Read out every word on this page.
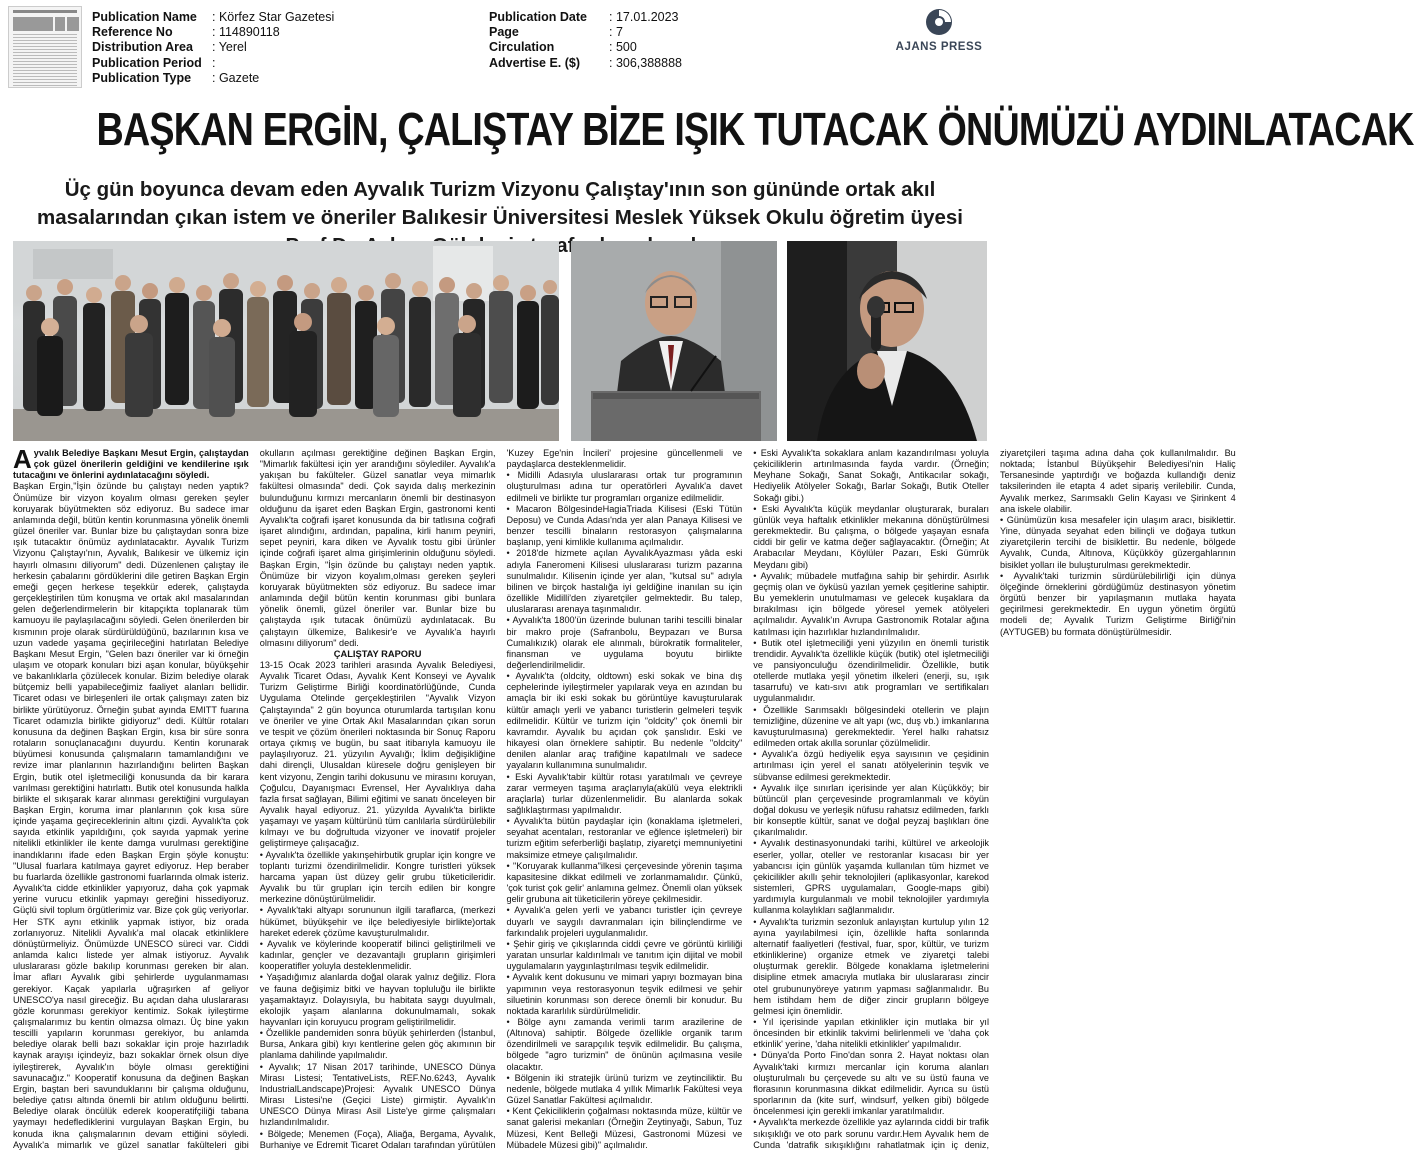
Publication Name	: Körfez Star Gazetesi
Reference No	: 114890118
Distribution Area	: Yerel
Publication Period :
Publication Type	: Gazete
Publication Date	: 17.01.2023
Page	: 7
Circulation	: 500
Advertise E. ($)	: 306,388888
AJANS PRESS
BAŞKAN ERGİN, ÇALIŞTAY BİZE IŞIK TUTACAK ÖNÜMÜZÜ AYDINLATACAK
Üç gün boyunca devam eden Ayvalık Turizm Vizyonu Çalıştay'ının son gününde ortak akıl masalarından çıkan istem ve öneriler Balıkesir Üniversitesi Meslek Yüksek Okulu öğretim üyesi

Ayvalık Belediye Başkanı Mesut Ergin, çalıştaydan çok güzel önerilerin geldiğini ve kendilerine ışık tutacağını ve önlerini aydınlatacağını söyledi.

Başkan Ergin,"İşin özünde bu çalıştayı neden yaptık? Önümüze bir vizyon koyalım olması gereken şeyler koruyarak büyütmekten söz ediyoruz. Bu sadece imar anlamında değil, bütün kentin korunmasına yönelik önemli güzel öneriler var. Bunlar bize bu çalıştaydan sonra bize ışık tutacaktır önümüz aydınlatacaktır. Ayvalık Turizm Vizyonu Çalıştayı'nın, Ayvalık, Balıkesir ve ülkemiz için hayırlı olmasını diliyorum" dedi. Düzenlenen çalıştay ile herkesin çabalarını gördüklerini dile getiren Başkan Ergin emeği geçen herkese teşekkür ederek, çalıştayda gerçekleştirilen tüm konuşma ve ortak akıl masalarından gelen değerlendirmelerin bir kitapçıkta toplanarak tüm kamuoyu ile paylaşılacağını söyledi. Gelen önerilerden bir kısmının proje olarak sürdürüldüğünü, bazılarının kısa ve uzun vadede yaşama geçirileceğini hatırlatan Belediye Başkanı Mesut Ergin, "Gelen bazı öneriler var ki örneğin ulaşım ve otopark konuları bizi aşan konular, büyükşehir ve bakanlıklarla çözülecek konular. Bizim belediye olarak bütçemiz belli yapabileceğimiz faaliyet alanları bellidir. Ticaret odası ve birleşenleri ile ortak çalışmayı zaten biz birlikte yürütüyoruz. Örneğin şubat ayında EMITT fuarına Ticaret odamızla birlikte gidiyoruz" dedi. Kültür rotaları konusuna da değinen Başkan Ergin, kısa bir süre sonra rotaların sonuçlanacağını duyurdu. Kentin korunarak büyümesi konusunda çalışmaların tamamlandığını ve revize imar planlarının hazırlandığını belirten Başkan Ergin, butik otel işletmeciliği konusunda da bir karara varılması gerektiğini hatırlattı. Butik otel konusunda halkla birlikte el sıkışarak karar alınması gerektiğini vurgulayan Başkan Ergin, koruma imar planlarının çok kısa süre içinde yaşama geçireceklerinin altını çizdi. Ayvalık'ta çok sayıda etkinlik yapıldığını, çok sayıda yapmak yerine nitelikli etkinlikler ile kente damga vurulması gerektiğine inandıklarını ifade eden Başkan Ergin şöyle konuştu: "Ulusal fuarlara katılmaya gayret ediyoruz. Hep beraber bu fuarlarda özellikle gastronomi fuarlarında olmak isteriz. Ayvalık'ta cidde etkinlikler yapıyoruz, daha çok yapmak yerine vurucu etkinlik yapmayı gereğini hissediyoruz. Güçlü sivil toplum örgütlerimiz var. Bize çok güç veriyorlar. Her STK aynı etkinlik yapmak istiyor, biz orada zorlanıyoruz. Nitelikli Ayvalık'a mal olacak etkinliklere dönüştürmeliyiz. Önümüzde UNESCO süreci var. Ciddi anlamda kalıcı listede yer almak istiyoruz. Ayvalık uluslararası gözle bakılıp korunması gereken bir alan. İmar afları Ayvalık gibi şehirlerde uygulanmaması gerekiyor. Kaçak yapılarla uğraşırken af geliyor UNESCO'ya nasıl gireceğiz. Bu açıdan daha uluslararası gözle korunması gerekiyor kentimiz. Sokak iyileştirme çalışmalarımız bu kentin olmazsa olmazı. Üç bine yakın tescilli yapıların korunması gerekiyor, bu anlamda belediye olarak belli bazı sokaklar için proje hazırladık kaynak arayışı içindeyiz, bazı sokaklar örnek olsun diye iyileştirerek, Ayvalık'ın böyle olması gerektiğini savunacağız." Kooperatif konusuna da değinen Başkan Ergin, baştan beri savunduklarını bir çalışma olduğunu, belediye çatısı altında önemli bir atılım olduğunu belirtti. Belediye olarak öncülük ederek kooperatifçiliği tabana yaymayı hedeflediklerini vurgulayan Başkan Ergin, bu konuda ikna çalışmalarının devam ettiğini söyledi. Ayvalık'a mimarlık ve güzel sanatlar fakülteleri gibi okulların açılması gerektiğine değinen Başkan Ergin, "Mimarlık fakültesi için yer arandığını söylediler. Ayvalık'a yakışan bu fakülteler. Güzel sanatlar veya mimarlık fakültesi olmasında" dedi. Çok sayıda dalış merkezinin bulunduğunu kırmızı mercanların önemli bir destinasyon olduğunu da işaret eden Başkan Ergin, gastronomi kenti Ayvalık'ta coğrafi işaret konusunda da bir tatlısına coğrafi işaret alındığını, ardından, papalina, kirli hanım peyniri, sepet peyniri, kara diken ve Ayvalık tostu gibi ürünler içinde coğrafi işaret alma girişimlerinin olduğunu söyledi. Başkan Ergin, "İşin özünde bu çalıştayı neden yaptık. Önümüze bir vizyon koyalım,olması gereken şeyleri koruyarak büyütmekten söz ediyoruz. Bu sadece imar anlamında değil bütün kentin korunması gibi bunlara yönelik önemli, güzel öneriler var. Bunlar bize bu çalıştayda ışık tutacak önümüzü aydınlatacak. Bu çalıştayın ülkemize, Balıkesir'e ve Ayvalık'a hayırlı olmasını diliyorum" dedi.

ÇALIŞTAY RAPORU

13-15 Ocak 2023 tarihleri arasında Ayvalık Belediyesi, Ayvalık Ticaret Odası, Ayvalık Kent Konseyi ve Ayvalık Turizm Geliştirme Birliği koordinatörlüğünde, Cunda Uygulama Otelinde gerçekleştirilen "Ayvalık Vizyon Çalıştayında" 2 gün boyunca oturumlarda tartışılan konu ve öneriler ve yine Ortak Akıl Masalarından çıkan sorun ve tespit ve çözüm önerileri noktasında bir Sonuç Raporu ortaya çıkmış ve bugün, bu saat itibarıyla kamuoyu ile paylaşılıyoruz. 21. yüzyılın Ayvalığı; İklim değişikliğine dahi dirençli, Ulusaldan küresele doğru genişleyen bir kent vizyonu, Zengin tarihi dokusunu ve mirasını koruyan, Çoğulcu, Dayanışmacı Evrensel, Her Ayvalıklıya daha fazla fırsat sağlayan, Bilimi eğitimi ve sanatı önceleyen bir Ayvalık hayal ediyoruz. 21. yüzyılda Ayvalık'ta birlikte yaşamayı ve yaşam kültürünü tüm canlılarla sürdürülebilir kılmayı ve bu doğrultuda vizyoner ve inovatif projeler geliştirmeye çalışacağız.

• Ayvalık'ta özellikle yakınşehirbutik gruplar için kongre ve toplantı turizmi özendirilmelidir. Kongre turistleri yüksek harcama yapan üst düzey gelir grubu tüketicileridir. Ayvalık bu tür grupları için tercih edilen bir kongre merkezine dönüştürülmelidir.

• Ayvalık'taki altyapı sorununun ilgili taraflarca, (merkezi hükümet, büyükşehir ve ilçe belediyesiyle birlikte)ortak hareket ederek çözüme kavuşturulmalıdır.

• Ayvalık ve köylerinde kooperatif bilinci geliştirilmeli ve kadınlar, gençler ve dezavantajlı grupların girişimleri kooperatifler yoluyla desteklenmelidir.

• Yaşadığımız alanlarda doğal olarak yalnız değiliz. Flora ve fauna değişimiz bitki ve hayvan topluluğu ile birlikte yaşamaktayız. Dolayısıyla, bu habitata saygı duyulmalı, ekolojik yaşam alanlarına dokunulmamalı, sokak hayvanları için koruyucu program geliştirilmelidir.

• Özellikle pandemiden sonra büyük şehirlerden (İstanbul, Bursa, Ankara gibi) kıyı kentlerine gelen göç akımının bir planlama dahilinde yapılmalıdır.

• Ayvalık; 17 Nisan 2017 tarihinde, UNESCO Dünya Mirası Listesi; TentativeLists, REF.No.6243, Ayvalık IndustrialLandscape)Projesi: Ayvalık UNESCO Dünya Mirası Listesi'ne (Geçici Liste) girmiştir. Ayvalık'ın UNESCO Dünya Mirası Asil Liste'ye girme çalışmaları hızlandırılmalıdır.

• Bölgede; Menemen (Foça), Aliağa, Bergama, Ayvalık, Burhaniye ve Edremit Ticaret Odaları tarafından yürütülen 'Kuzey Ege'nin İncileri' projesine güncellenmeli ve paydaşlarca desteklenmelidir.

• Midilli Adasıyla uluslararası ortak tur programının oluşturulması adına tur operatörleri Ayvalık'a davet edilmeli ve birlikte tur programları organize edilmelidir.

• Macaron BölgesindeHagiaTriada Kilisesi (Eski Tütün Deposu) ve Cunda Adası'nda yer alan Panaya Kilisesi ve benzer tescilli binaların restorasyon çalışmalarına başlanıp, yeni kimlikle kullanıma açılmalıdır.

• 2018'de hizmete açılan AyvalıkAyazması yâda eski adıyla Faneromeni Kilisesi uluslararası turizm pazarına sunulmalıdır. Kilisenin içinde yer alan, "kutsal su" adıyla bilinen ve birçok hastalığa iyi geldiğine inanılan su için özellikle Midilli'den ziyaretçiler gelmektedir. Bu talep, uluslararası arenaya taşınmalıdır.

• Ayvalık'ta 1800'ün üzerinde bulunan tarihi tescilli binalar bir makro proje (Safranbolu, Beypazarı ve Bursa Cumalıkızık) olarak ele alınmalı, bürokratik formaliteler, finansman ve uygulama boyutu birlikte değerlendirilmelidir.

• Ayvalık'ta (oldcity, oldtown) eski sokak ve bina dış cephelerinde iyileştirmeler yapılarak veya en azından bu amaçla bir iki eski sokak bu görüntüye kavuşturularak kültür amaçlı yerli ve yabancı turistlerin gelmeleri teşvik edilmelidir. Kültür ve turizm için "oldcity" çok önemli bir kavramdır. Ayvalık bu açıdan çok şanslıdır. Eski ve hikayesi olan örneklere sahiptir. Bu nedenle "oldcity" denilen alanlar araç trafiğine kapatılmalı ve sadece yayaların kullanımına sunulmalıdır.

• Eski Ayvalık'tabir kültür rotası yaratılmalı ve çevreye zarar vermeyen taşıma araçlarıyla(akülü veya elektrikli araçlarla) turlar düzenlenmelidir. Bu alanlarda sokak sağlıklaştırması yapılmalıdır.

• Ayvalık'ta bütün paydaşlar için (konaklama işletmeleri, seyahat acentaları, restoranlar ve eğlence işletmeleri) bir turizm eğitim seferberliği başlatıp, ziyaretçi memnuniyetini maksimize etmeye çalışılmalıdır.

• "Koruyarak kullanma"ilkesi çerçevesinde yörenin taşıma kapasitesine dikkat edilmeli ve zorlanmamalıdır. Çünkü, 'çok turist çok gelir' anlamına gelmez. Önemli olan yüksek gelir grubuna ait tüketicilerin yöreye çekilmesidir.

• Ayvalık'a gelen yerli ve yabancı turistler için çevreye duyarlı ve saygılı davranmaları için bilinçlendirme ve farkındalık projeleri uygulanmalıdır.

• Şehir giriş ve çıkışlarında ciddi çevre ve görüntü kirliliği yaratan unsurlar kaldırılmalı ve tanıtım için dijital ve mobil uygulamaların yaygınlaştırılması teşvik edilmelidir.

• Ayvalık kent dokusunu ve mimari yapıyı bozmayan bina yapımının veya restorasyonun teşvik edilmesi ve şehir siluetinin korunması son derece önemli bir konudur. Bu noktada kararlılık sürdürülmelidir.

• Bölge aynı zamanda verimli tarım arazilerine de (Altınova) sahiptir. Bölgede özellikle organik tarım özendirilmeli ve sarapçılık teşvik edilmelidir. Bu çalışma, bölgede "agro turizmin" de önünün açılmasına vesile olacaktır.

• Bölgenin iki stratejik ürünü turizm ve zeytinciliktir. Bu nedenle, bölgede mutlaka 4 yıllık Mimarlık Fakültesi veya Güzel Sanatlar Fakültesi açılmalıdır.

• Kent Çekiciliklerin çoğalması noktasında müze, kültür ve sanat galerisi mekanları (Örneğin Zeytinyağı, Sabun, Tuz Müzesi, Kent Belleği Müzesi, Gastronomi Müzesi ve Mübadele Müzesi gibi)" açılmalıdır.

• Eski Ayvalık'ta sokaklara anlam kazandırılması yoluyla çekiciliklerin artırılmasında fayda vardır. (Örneğin; Meyhane Sokağı, Sanat Sokağı, Antikacılar sokağı, Hediyelik Atölyeler Sokağı, Barlar Sokağı, Butik Oteller Sokağı gibi.)

• Eski Ayvalık'ta küçük meydanlar oluşturarak, buraları günlük veya haftalık etkinlikler mekanına dönüştürülmesi gerekmektedir. Bu çalışma, o bölgede yaşayan esnafa ciddi bir gelir ve katma değer sağlayacaktır. (Örneğin; At Arabacılar Meydanı, Köylüler Pazarı, Eski Gümrük Meydanı gibi)

• Ayvalık; mübadele mutfağına sahip bir şehirdir. Asırlık geçmiş olan ve öyküsü yazılan yemek çeşitlerine sahiptir. Bu yemeklerin unutulmaması ve gelecek kuşaklara da bırakılması için bölgede yöresel yemek atölyeleri açılmalıdır. Ayvalık'ın Avrupa Gastronomik Rotalar ağına katılması için hazırlıklar hızlandırılmalıdır.

• Butik otel işletmeciliği yeni yüzyılın en önemli turistik trendidir. Ayvalık'ta özellikle küçük (butik) otel işletmeciliği ve pansiyonculuğu özendirilmelidir. Özellikle, butik otellerde mutlaka yeşil yönetim ilkeleri (enerji, su, ışık tasarrufu) ve katı-sıvı atık programları ve sertifikaları uygulanmalıdır.

• Özellikle Sarımsaklı bölgesindeki otellerin ve plajın temizliğine, düzenine ve alt yapı (wc, duş vb.) imkanlarına kavuşturulmasına) gerekmektedir. Yerel halkı rahatsız edilmeden ortak akılla sorunlar çözülmelidir.

• Ayvalık'a özgü hediyelik eşya sayısının ve çeşidinin artırılması için yerel el sanatı atölyelerinin teşvik ve sübvanse edilmesi gerekmektedir.

• Ayvalık ilçe sınırları içerisinde yer alan Küçükköy; bir bütüncül plan çerçevesinde programlanmalı ve köyün doğal dokusu ve yerleşik nüfusu rahatsız edilmeden, farklı bir konseptle kültür, sanat ve doğal peyzaj başlıkları öne çıkarılmalıdır.

• Ayvalık destinasyonundaki tarihi, kültürel ve arkeolojik eserler, yollar, oteller ve restoranlar kısacası bir yer yabancısı için günlük yaşamda kullanılan tüm hizmet ve çekicilikler akıllı şehir teknolojileri (aplikasyonlar, karekod sistemleri, GPRS uygulamaları, Google-maps gibi) yardımıyla kurgulanmalı ve mobil teknolojiler yardımıyla kullanma kolaylıkları sağlanmalıdır.

• Ayvalık'ta turizmin sezonluk anlayıştan kurtulup yılın 12 ayına yayılabilmesi için, özellikle hafta sonlarında alternatif faaliyetleri (festival, fuar, spor, kültür, ve turizm etkinliklerine) organize etmek ve ziyaretçi talebi oluşturmak gereklir. Bölgede konaklama işletmelerini disipline etmek amacıyla mutlaka bir uluslararası zincir otel grubununyöreye yatırım yapması sağlanmalıdır. Bu hem istihdam hem de diğer zincir grupların bölgeye gelmesi için önemlidir.

• Yıl içerisinde yapılan etkinlikler için mutlaka bir yıl öncesinden bir etkinlik takvimi belirlenmeli ve 'daha çok etkinlik' yerine, 'daha nitelikli etkinlikler' yapılmalıdır.

• Dünya'da Porto Fino'dan sonra 2. Hayat noktası olan Ayvalık'taki kırmızı mercanlar için koruma alanları oluşturulmalı bu çerçevede su altı ve su üstü fauna ve florasının korunmasına dikkat edilmelidir. Ayrıca su üstü sporlarının da (kite surf, windsurf, yelken gibi) bölgede öncelenmesi için gerekli imkanlar yaratılmalıdır.

• Ayvalık'ta merkezde özellikle yaz aylarında ciddi bir trafik sıkışıklığı ve oto park sorunu vardır.Hem Ayvalık hem de Cunda 'datrafik sıkışıklığını rahatlatmak için iç deniz, ziyaretçileri taşıma adına daha çok kullanılmalıdır. Bu noktada; İstanbul Büyükşehir Belediyesi'nin Haliç Tersanesinde yaptırdığı ve boğazda kullandığı deniz taksilerinden ile etapta 4 adet sipariş verilebilir. Cunda, Ayvalık merkez, Sarımsaklı Gelin Kayası ve Şirinkent 4 ana iskele olabilir.

• Günümüzün kısa mesafeler için ulaşım aracı, bisiklettir. Yine, dünyada seyahat eden bilinçli ve doğaya tutkun ziyaretçilerin tercihi de bisiklettir. Bu nedenle, bölgede Ayvalık, Cunda, Altınova, Küçükköy güzergahlarının bisiklet yolları ile buluşturulması gerekmektedir.

• Ayvalık'taki turizmin sürdürülebilirliği için dünya ölçeğinde örneklerini gördüğümüz destinasyon yönetim örgütü benzer bir yapılaşmanın mutlaka hayata geçirilmesi gerekmektedir. En uygun yönetim örgütü modeli de; Ayvalık Turizm Geliştirme Birliği'nin (AYTUGEB) bu formata dönüştürülmesidir.
